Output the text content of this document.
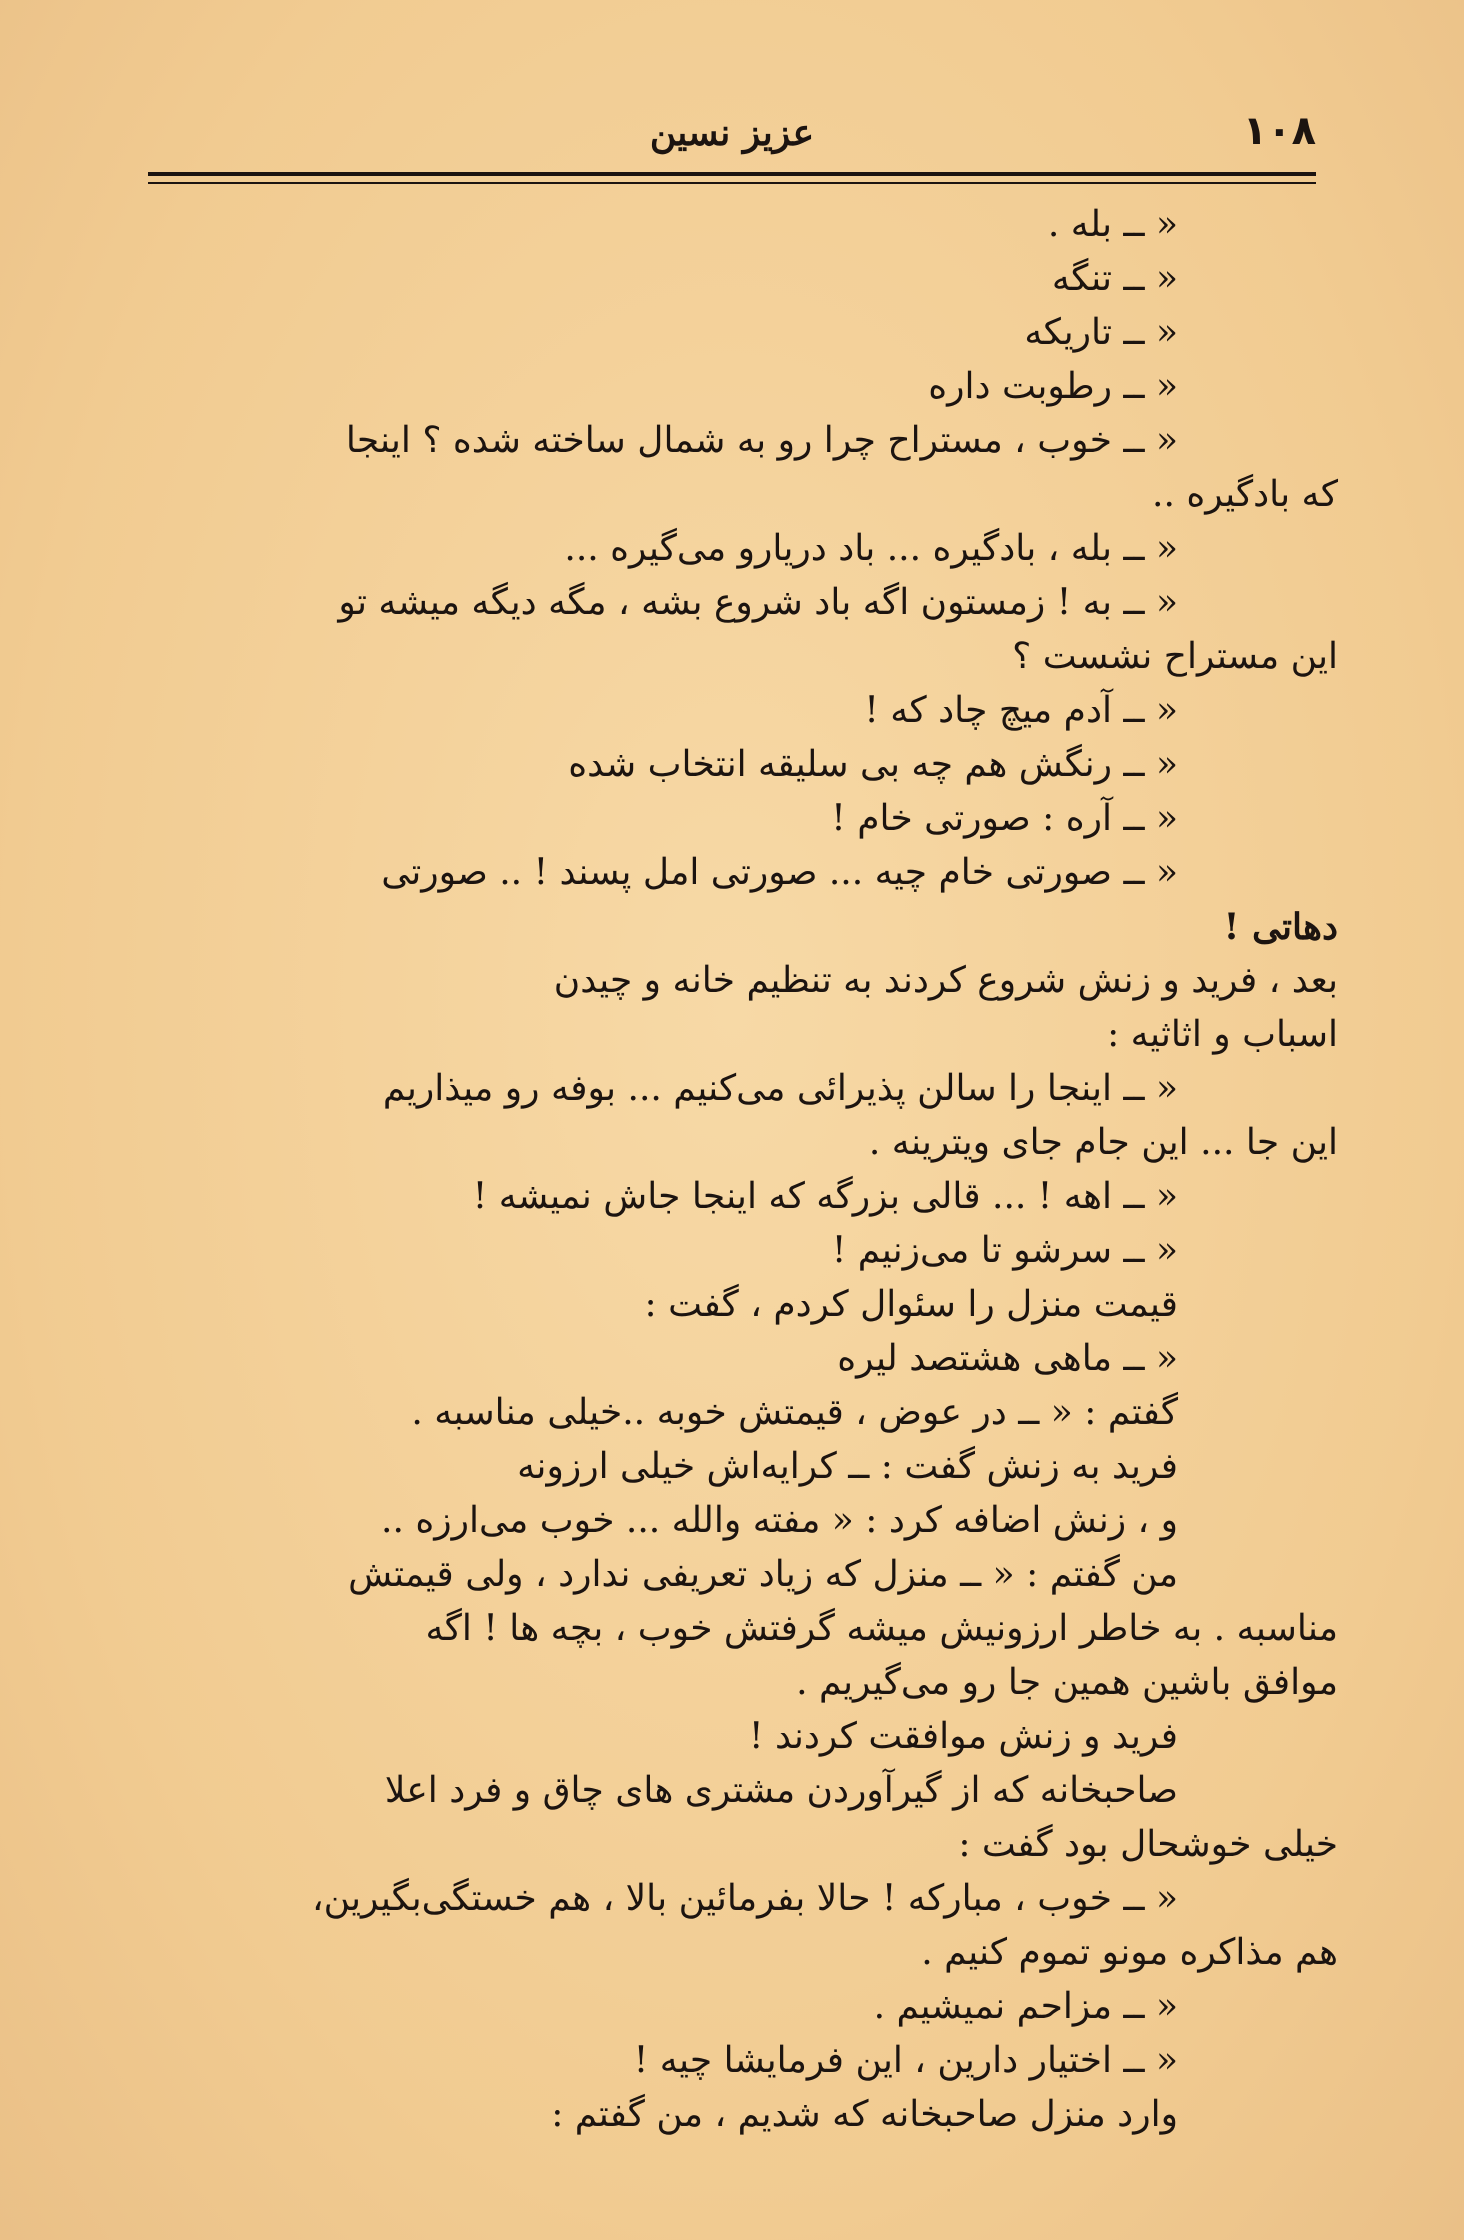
۱۰۸
عزیز نسین
« ــ بله .
« ــ تنگه
« ــ تاریکه
« ــ رطوبت داره
« ــ خوب ، مستراح چرا رو به شمال ساخته شده ؟ اینجا
که بادگیره ..
« ــ بله ، بادگیره ... باد دریارو می‌گیره ...
« ــ به ! زمستون اگه باد شروع بشه ، مگه دیگه میشه تو
این مستراح نشست ؟
« ــ آدم میچ چاد که !
« ــ رنگش هم چه بی سلیقه انتخاب شده
« ــ آره : صورتی خام !
« ــ صورتی خام چیه ... صورتی امل پسند ! .. صورتی
دهاتی !
بعد ، فرید و زنش شروع کردند به تنظیم خانه و چیدن
اسباب و اثاثیه :
« ــ اینجا را سالن پذیرائی می‌کنیم ... بوفه رو میذاریم
این جا ... این جام جای ویترینه .
« ــ اهه ! ... قالی بزرگه که اینجا جاش نمیشه !
« ــ سرشو تا می‌زنیم !
قیمت منزل را سئوال کردم ، گفت :
« ــ ماهی هشتصد لیره
گفتم : « ــ در عوض ، قیمتش خوبه ..خیلی مناسبه .
فرید به زنش گفت : ــ کرایه‌اش خیلی ارزونه
و ، زنش اضافه کرد : « مفته والله ... خوب می‌ارزه ..
من گفتم : « ــ منزل که زیاد تعریفی ندارد ، ولی قیمتش
مناسبه . به خاطر ارزونیش میشه گرفتش خوب ، بچه ها ! اگه
موافق باشین همین جا رو می‌گیریم .
فرید و زنش موافقت کردند !
صاحبخانه که از گیرآوردن مشتری های چاق و فرد اعلا
خیلی خوشحال بود گفت :
« ــ خوب ، مبارکه ! حالا بفرمائین بالا ، هم خستگی‌بگیرین،
هم مذاکره مونو تموم کنیم .
« ــ مزاحم نمیشیم .
« ــ اختیار دارین ، این فرمایشا چیه !
وارد منزل صاحبخانه که شدیم ، من گفتم :
